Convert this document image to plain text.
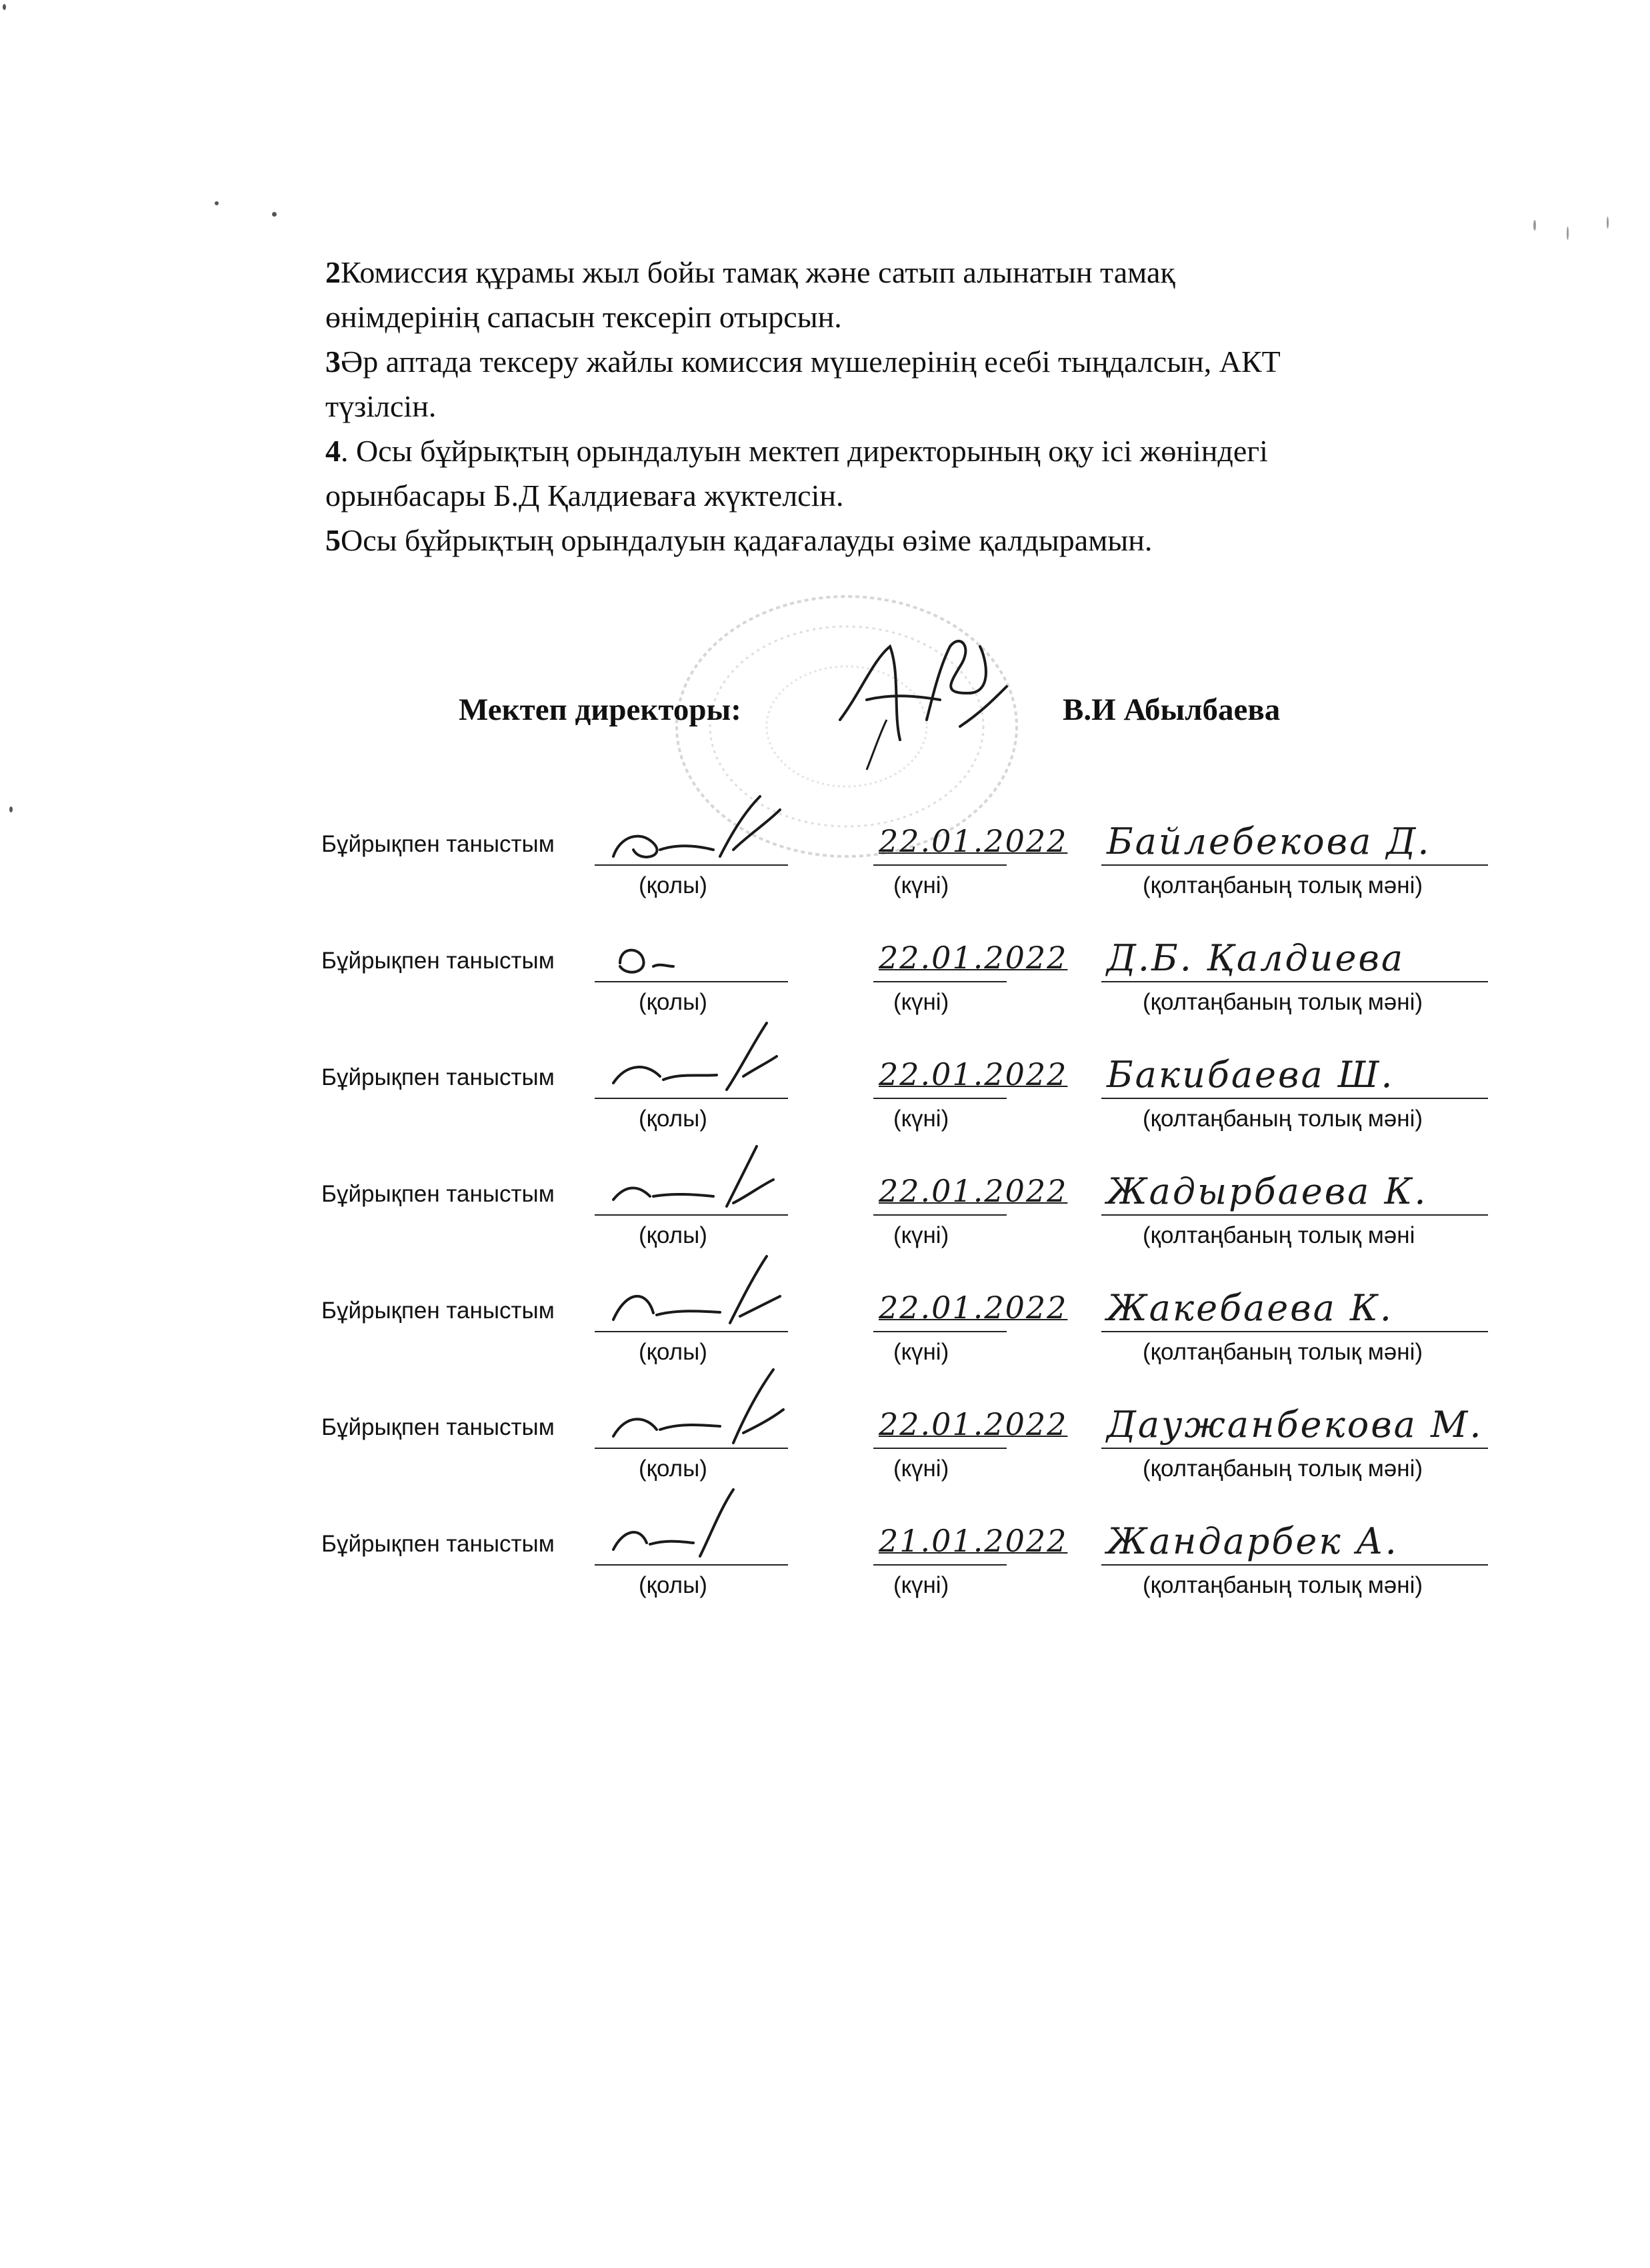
2Комиссия құрамы жыл бойы тамақ және сатып алынатын тамақ
өнімдерінің сапасын тексеріп отырсын.
3Әр аптада тексеру жайлы комиссия мүшелерінің есебі тыңдалсын, АКТ
түзілсін.
4. Осы бұйрықтың орындалуын мектеп директорының оқу ісі жөніндегі
орынбасары Б.Д Қалдиеваға жүктелсін.
5Осы бұйрықтың орындалуын қадағалауды өзіме қалдырамын.
Мектеп директоры:	В.И Абылбаева
Бұйрықпен таныстым	22.01.2022 Байлебекова Д.
(қолы)	(күні)	(қолтаңбаның толық мәні)
Бұйрықпен таныстым	22.01.2022 Д.Б. Қалдиева
(қолы)	(күні)	(қолтаңбаның толық мәні)
Бұйрықпен таныстым	22.01.2022 Бакибаева Ш.
(қолы)	(күні)	(қолтаңбаның толық мәні)
Бұйрықпен таныстым	22.01.2022 Жадырбаева К.
(қолы)	(күні)	(қолтаңбаның толық мәні
Бұйрықпен таныстым	22.01.2022 Жакебаева К.
(қолы)	(күні)	(қолтаңбаның толық мәні)
Бұйрықпен таныстым	22.01.2022 Даужанбекова М.
(қолы)	(күні)	(қолтаңбаның толық мәні)
Бұйрықпен таныстым	21.01.2022 Жандарбек А.
(қолы)	(күні)	(қолтаңбаның толық мәні)
